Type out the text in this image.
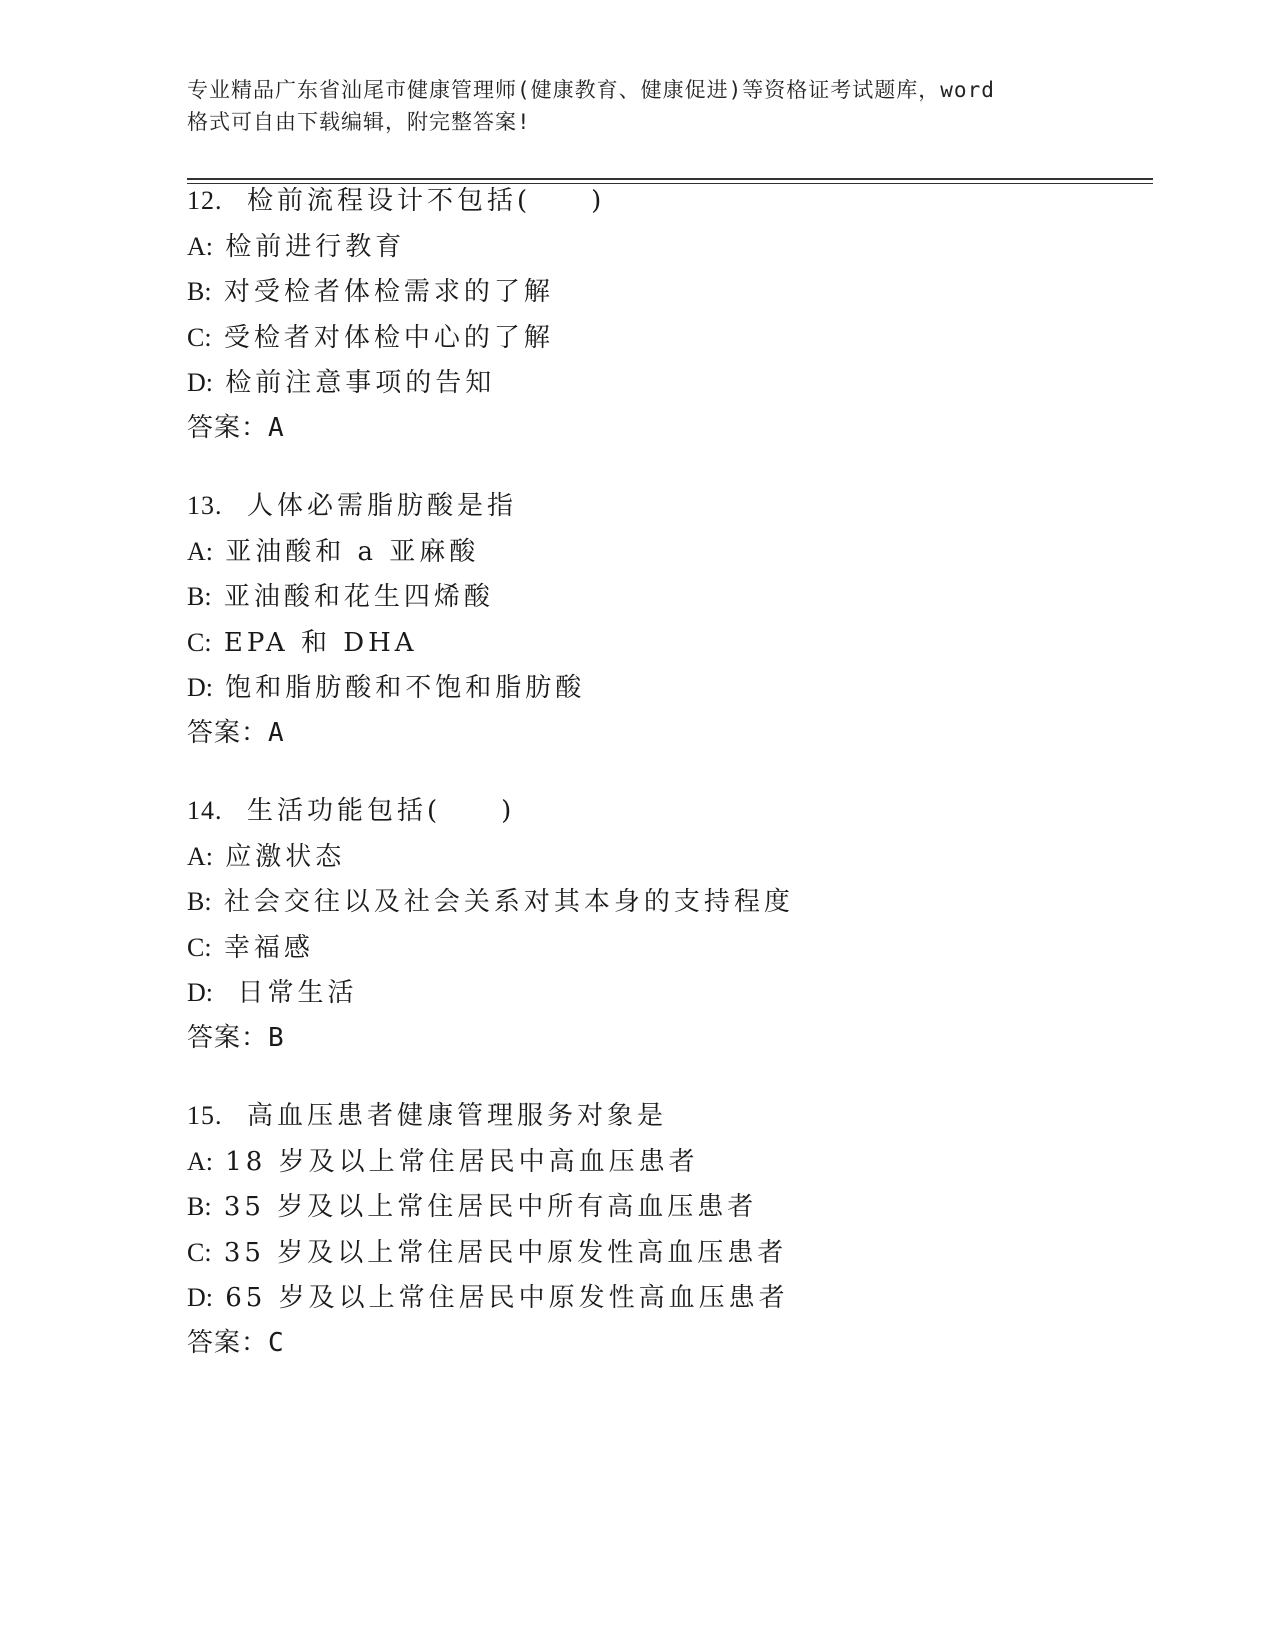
专业精品广东省汕尾市健康管理师(健康教育、健康促进)等资格证考试题库，word
格式可自由下载编辑，附完整答案!
12. 检前流程设计不包括(　　)
A: 检前进行教育
B: 对受检者体检需求的了解
C: 受检者对体检中心的了解
D: 检前注意事项的告知
答案：A
13. 人体必需脂肪酸是指
A: 亚油酸和 a 亚麻酸
B: 亚油酸和花生四烯酸
C: EPA 和 DHA
D: 饱和脂肪酸和不饱和脂肪酸
答案：A
14. 生活功能包括(　　)
A: 应激状态
B: 社会交往以及社会关系对其本身的支持程度
C: 幸福感
D:  日常生活
答案：B
15. 高血压患者健康管理服务对象是
A: 18 岁及以上常住居民中高血压患者
B: 35 岁及以上常住居民中所有高血压患者
C: 35 岁及以上常住居民中原发性高血压患者
D: 65 岁及以上常住居民中原发性高血压患者
答案：C
